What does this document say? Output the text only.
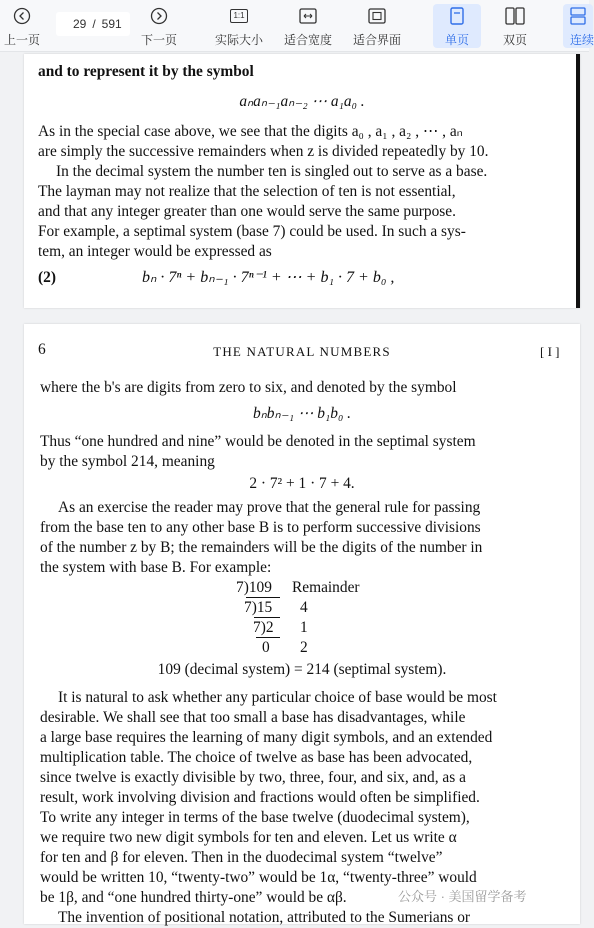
上一页
29
/ 591
下一页
1:1
实际大小 适合宽度 适合界面	单页	双页	连续
and to represent it by the symbol
aₙaₙ₋₁aₙ₋₂ ⋯ a₁a₀ .
As in the special case above, we see that the digits a₀ , a₁ , a₂ , ⋯ , aₙ
are simply the successive remainders when z is divided repeatedly by 10.
In the decimal system the number ten is singled out to serve as a base.
The layman may not realize that the selection of ten is not essential,
and that any integer greater than one would serve the same purpose.
For example, a septimal system (base 7) could be used. In such a sys-
tem, an integer would be expressed as
(2)	bₙ · 7ⁿ + bₙ₋₁ · 7ⁿ⁻¹ + ⋯ + b₁ · 7 + b₀ ,
6	THE NATURAL NUMBERS	[ I ]
where the b's are digits from zero to six, and denoted by the symbol
bₙbₙ₋₁ ⋯ b₁b₀ .
Thus “one hundred and nine” would be denoted in the septimal system
by the symbol 214, meaning
2 · 7² + 1 · 7 + 4.
As an exercise the reader may prove that the general rule for passing
from the base ten to any other base B is to perform successive divisions
of the number z by B; the remainders will be the digits of the number in
the system with base B. For example:
7)109 Remainder
7)15 4
7)2 1
0 2
109 (decimal system) = 214 (septimal system).
It is natural to ask whether any particular choice of base would be most
desirable. We shall see that too small a base has disadvantages, while
a large base requires the learning of many digit symbols, and an extended
multiplication table. The choice of twelve as base has been advocated,
since twelve is exactly divisible by two, three, four, and six, and, as a
result, work involving division and fractions would often be simplified.
To write any integer in terms of the base twelve (duodecimal system),
we require two new digit symbols for ten and eleven. Let us write α
for ten and β for eleven. Then in the duodecimal system “twelve”
would be written 10, “twenty-two” would be 1α, “twenty-three” would
be 1β, and “one hundred thirty-one” would be αβ.
The invention of positional notation, attributed to the Sumerians or
公众号 · 美国留学备考
